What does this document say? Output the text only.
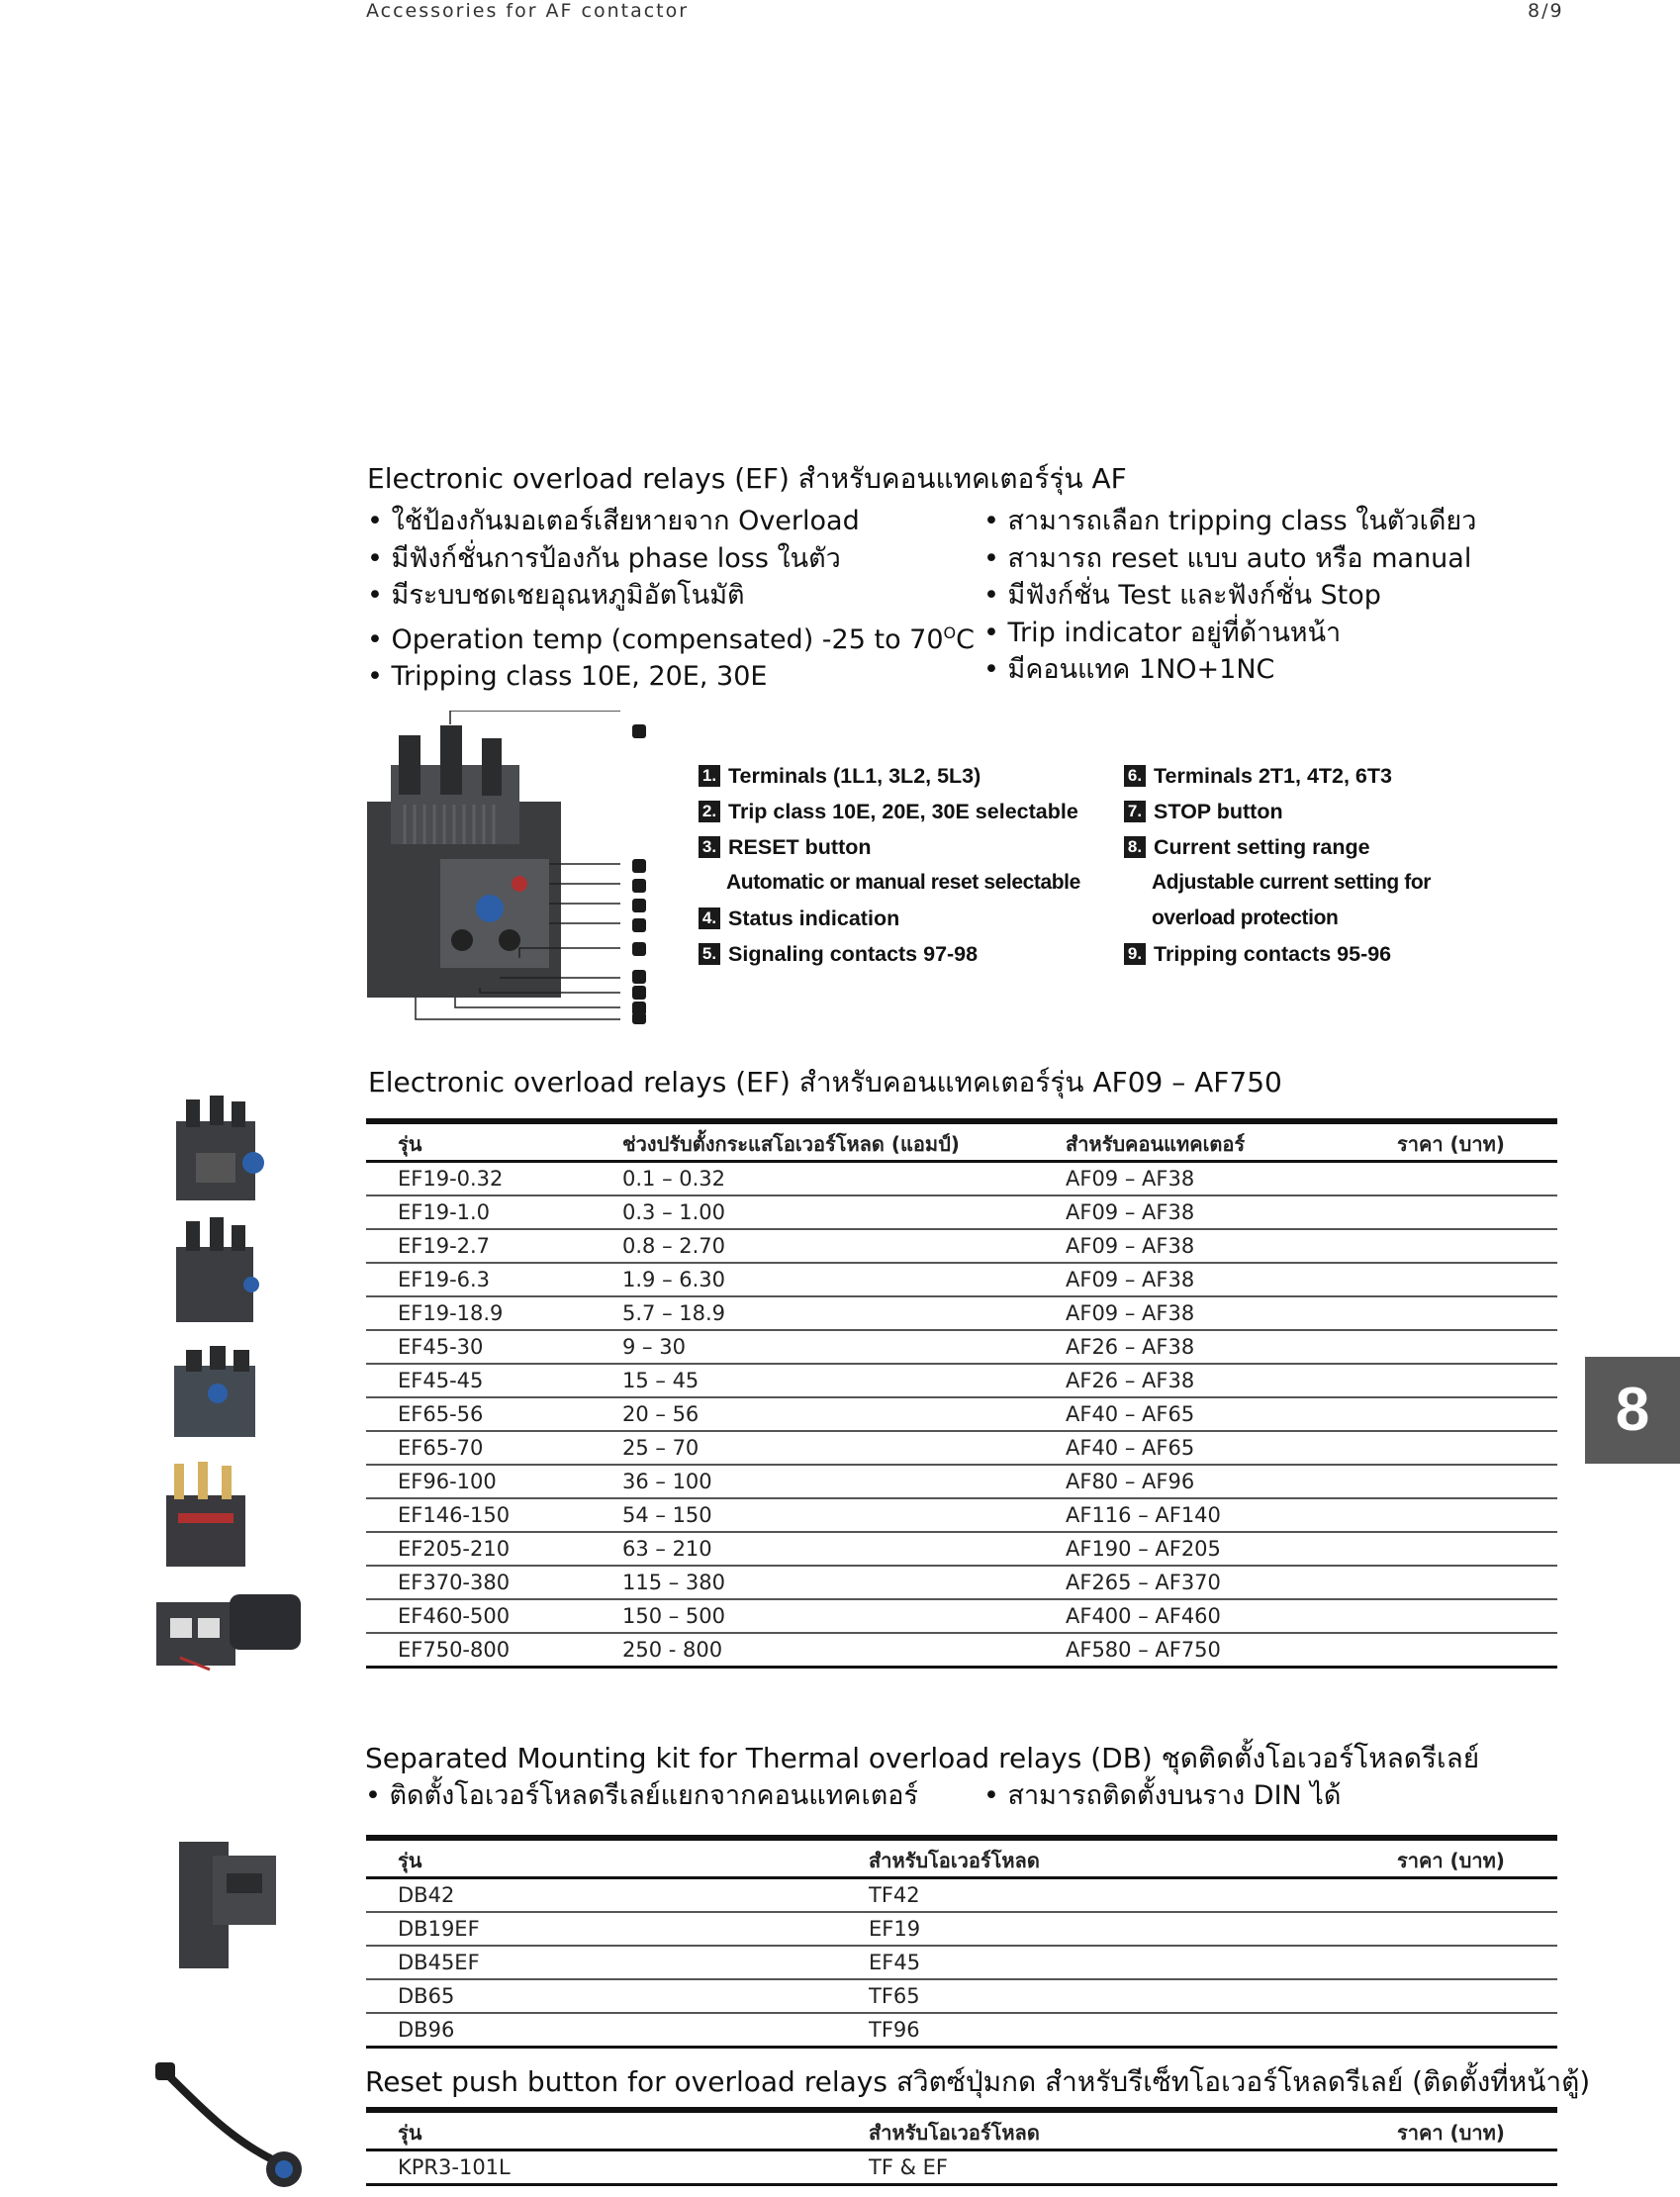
Accessories for AF contactor	8/9
8
Electronic overload relays (EF) สำหรับคอนแทคเตอร์รุ่น AF
• ใช้ป้องกันมอเตอร์เสียหายจาก Overload
• มีฟังก์ชั่นการป้องกัน phase loss ในตัว
• มีระบบชดเชยอุณหภูมิอัตโนมัติ
• Operation temp (compensated) -25 to $70^OC$
• Tripping class 10E, 20E, 30E
• สามารถเลือก tripping class ในตัวเดียว
• สามารถ reset แบบ auto หรือ manual
• มีฟังก์ชั่น Test และฟังก์ชั่น Stop
• Trip indicator อยู่ที่ด้านหน้า
• มีคอนแทค 1NO+1NC
1. Terminals (1L1, 3L2, 5L3)
2. Trip class 10E, 20E, 30E selectable
3. RESET button
Automatic or manual reset selectable
4. Status indication
5. Signaling contacts 97-98
6. Terminals 2T1, 4T2, 6T3
7. STOP button
8. Current setting range
Adjustable current setting for
overload protection
9. Tripping contacts 95-96
Electronic overload relays (EF) สำหรับคอนแทคเตอร์รุ่น AF09 – AF750
รุ่น	ช่วงปรับตั้งกระแสโอเวอร์โหลด (แอมป์)	สำหรับคอนแทคเตอร์	ราคา (บาท)
EF19-0.32	0.1 – 0.32	AF09 – AF38	
EF19-1.0	0.3 – 1.00	AF09 – AF38	
EF19-2.7	0.8 – 2.70	AF09 – AF38	
EF19-6.3	1.9 – 6.30	AF09 – AF38	
EF19-18.9	5.7 – 18.9	AF09 – AF38	
EF45-30	9 – 30	AF26 – AF38	
EF45-45	15 – 45	AF26 – AF38	
EF65-56	20 – 56	AF40 – AF65	
EF65-70	25 – 70	AF40 – AF65	
EF96-100	36 – 100	AF80 – AF96	
EF146-150	54 – 150	AF116 – AF140	
EF205-210	63 – 210	AF190 – AF205	
EF370-380	115 – 380	AF265 – AF370	
EF460-500	150 – 500	AF400 – AF460	
EF750-800	250 - 800	AF580 – AF750	
Separated Mounting kit for Thermal overload relays (DB) ชุดติดตั้งโอเวอร์โหลดรีเลย์
• ติดตั้งโอเวอร์โหลดรีเลย์แยกจากคอนแทคเตอร์	• สามารถติดตั้งบนราง DIN ได้
รุ่น	สำหรับโอเวอร์โหลด	ราคา (บาท)
DB42	TF42	
DB19EF	EF19	
DB45EF	EF45	
DB65	TF65	
DB96	TF96	
Reset push button for overload relays สวิตซ์ปุ่มกด สำหรับรีเซ็ทโอเวอร์โหลดรีเลย์ (ติดตั้งที่หน้าตู้)
รุ่น	สำหรับโอเวอร์โหลด	ราคา (บาท)
KPR3-101L	TF & EF	
